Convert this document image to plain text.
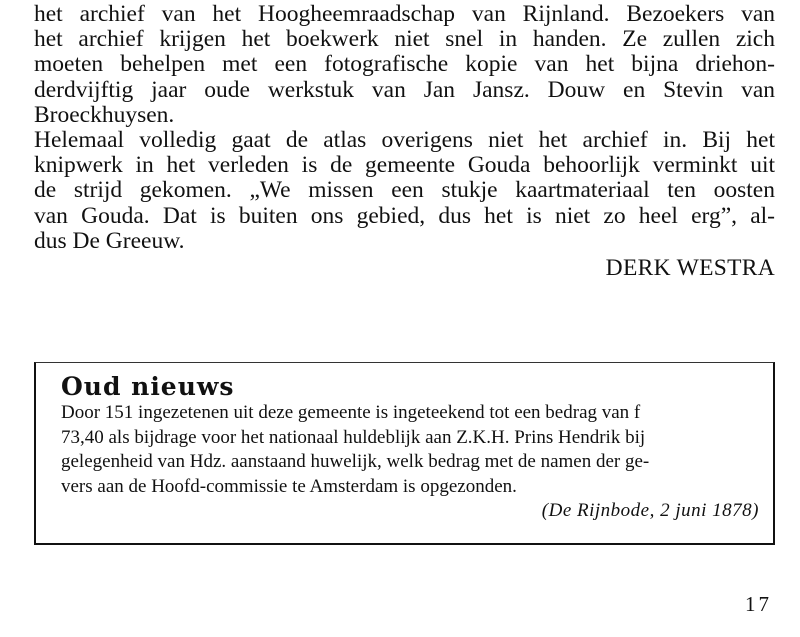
het archief van het Hoogheemraadschap van Rijnland. Bezoekers van
het archief krijgen het boekwerk niet snel in handen. Ze zullen zich
moeten behelpen met een fotografische kopie van het bijna driehon-
derdvijftig jaar oude werkstuk van Jan Jansz. Douw en Stevin van
Broeckhuysen.

Helemaal volledig gaat de atlas overigens niet het archief in. Bij het
knipwerk in het verleden is de gemeente Gouda behoorlijk verminkt uit
de strijd gekomen. „We missen een stukje kaartmateriaal ten oosten
van Gouda. Dat is buiten ons gebied, dus het is niet zo heel erg”, al-
dus De Greeuw.

DERK WESTRA
Oud nieuws
Door 151 ingezetenen uit deze gemeente is ingeteekend tot een bedrag van f
73,40 als bijdrage voor het nationaal huldeblijk aan Z.K.H. Prins Hendrik bij
gelegenheid van Hdz. aanstaand huwelijk, welk bedrag met de namen der ge-
vers aan de Hoofd-commissie te Amsterdam is opgezonden.
(De Rijnbode, 2 juni 1878)
17
